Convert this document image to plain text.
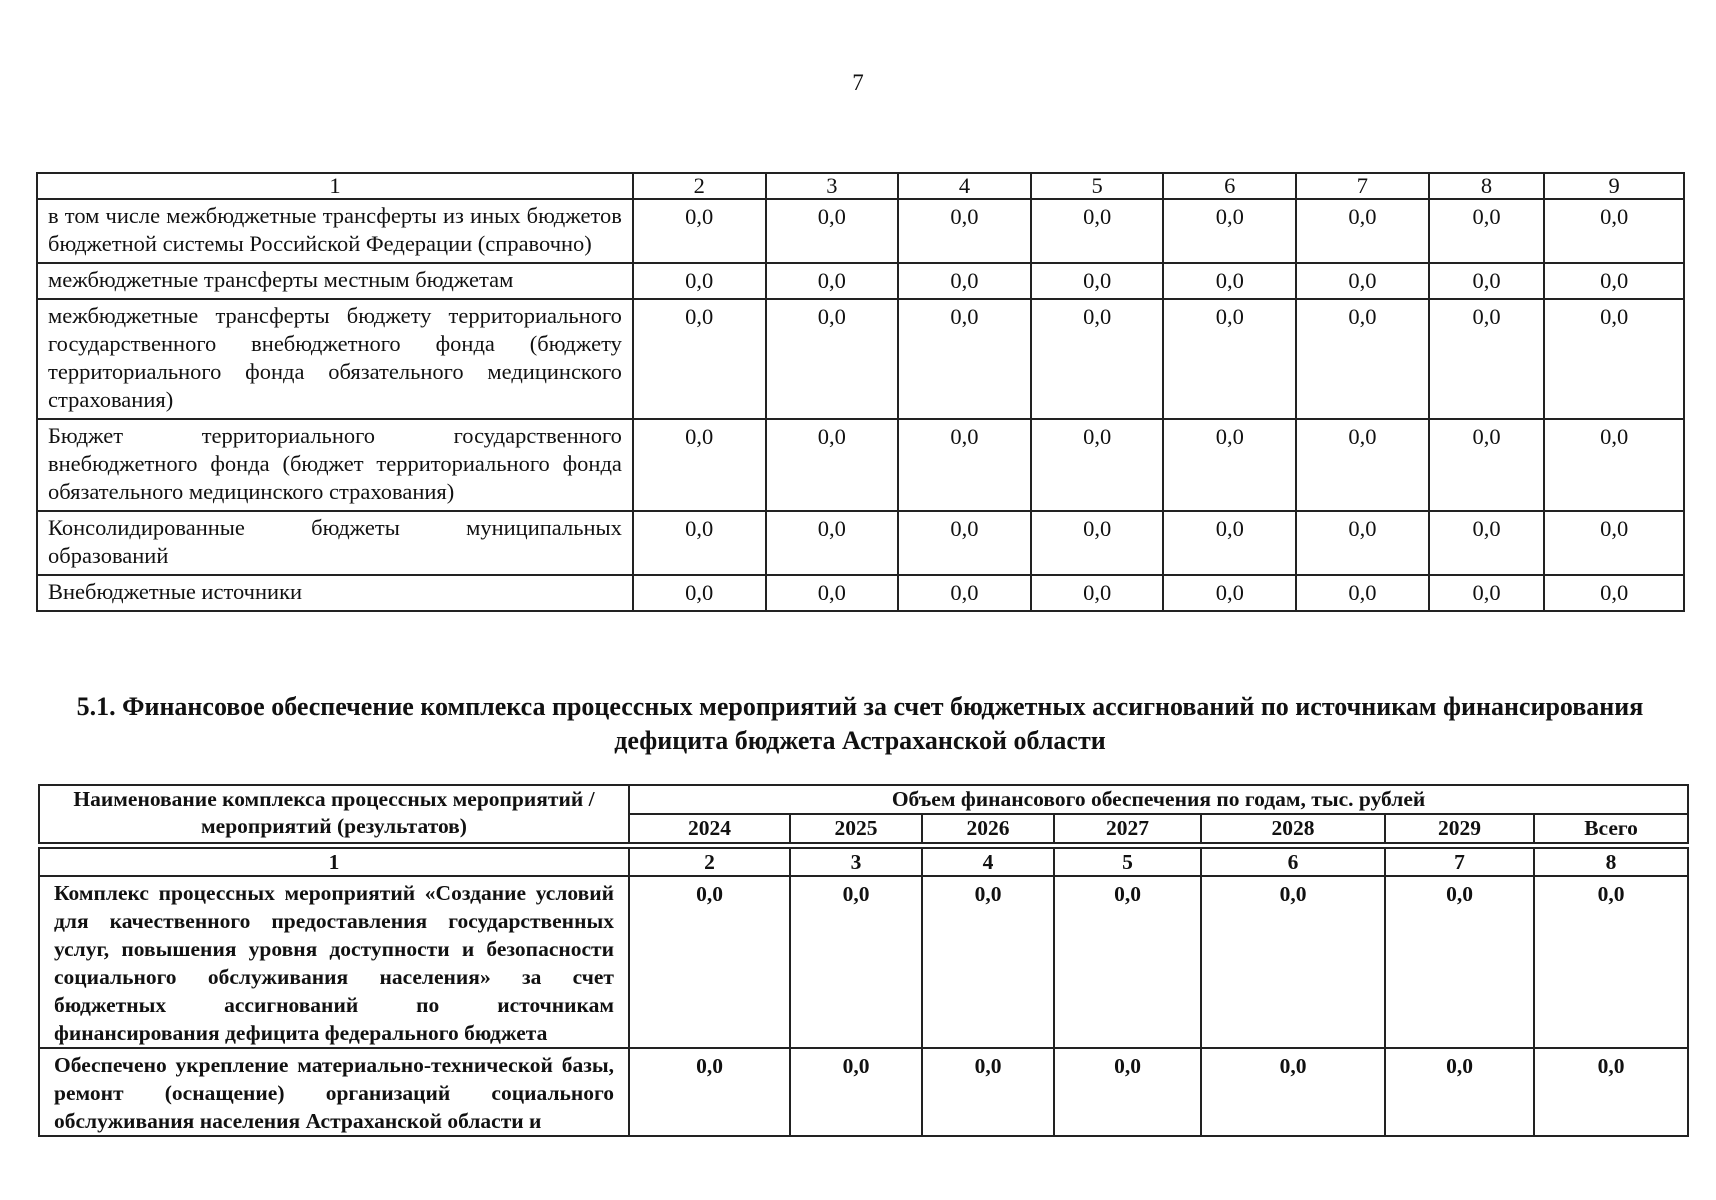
7
1	2	3	4	5	6	7	8	9
в том числе межбюджетные трансферты из иных бюджетов бюджетной системы Российской Федерации (справочно)	0,0	0,0	0,0	0,0	0,0	0,0	0,0	0,0
межбюджетные трансферты местным бюджетам	0,0	0,0	0,0	0,0	0,0	0,0	0,0	0,0
межбюджетные трансферты бюджету территориального государственного внебюджетного фонда (бюджету территориального фонда обязательного медицинского страхования)	0,0	0,0	0,0	0,0	0,0	0,0	0,0	0,0
Бюджет территориального государственного внебюджетного фонда (бюджет территориального фонда обязательного медицинского страхования)	0,0	0,0	0,0	0,0	0,0	0,0	0,0	0,0
Консолидированные бюджеты муниципальных образований	0,0	0,0	0,0	0,0	0,0	0,0	0,0	0,0
Внебюджетные источники	0,0	0,0	0,0	0,0	0,0	0,0	0,0	0,0
5.1. Финансовое обеспечение комплекса процессных мероприятий за счет бюджетных ассигнований по источникам финансирования дефицита бюджета Астраханской области
Наименование комплекса процессных мероприятий / мероприятий (результатов)	Объем финансового обеспечения по годам, тыс. рублей						
	2024	2025	2026	2027	2028	2029	Всего

1	2	3	4	5	6	7	8
Комплекс процессных мероприятий «Создание условий для качественного предоставления государственных услуг, повышения уровня доступности и безопасности социального обслуживания населения» за счет бюджетных ассигнований по источникам финансирования дефицита федерального бюджета	0,0	0,0	0,0	0,0	0,0	0,0	0,0
Обеспечено укрепление материально-технической базы, ремонт (оснащение) организаций социального обслуживания населения Астраханской области и	0,0	0,0	0,0	0,0	0,0	0,0	0,0
